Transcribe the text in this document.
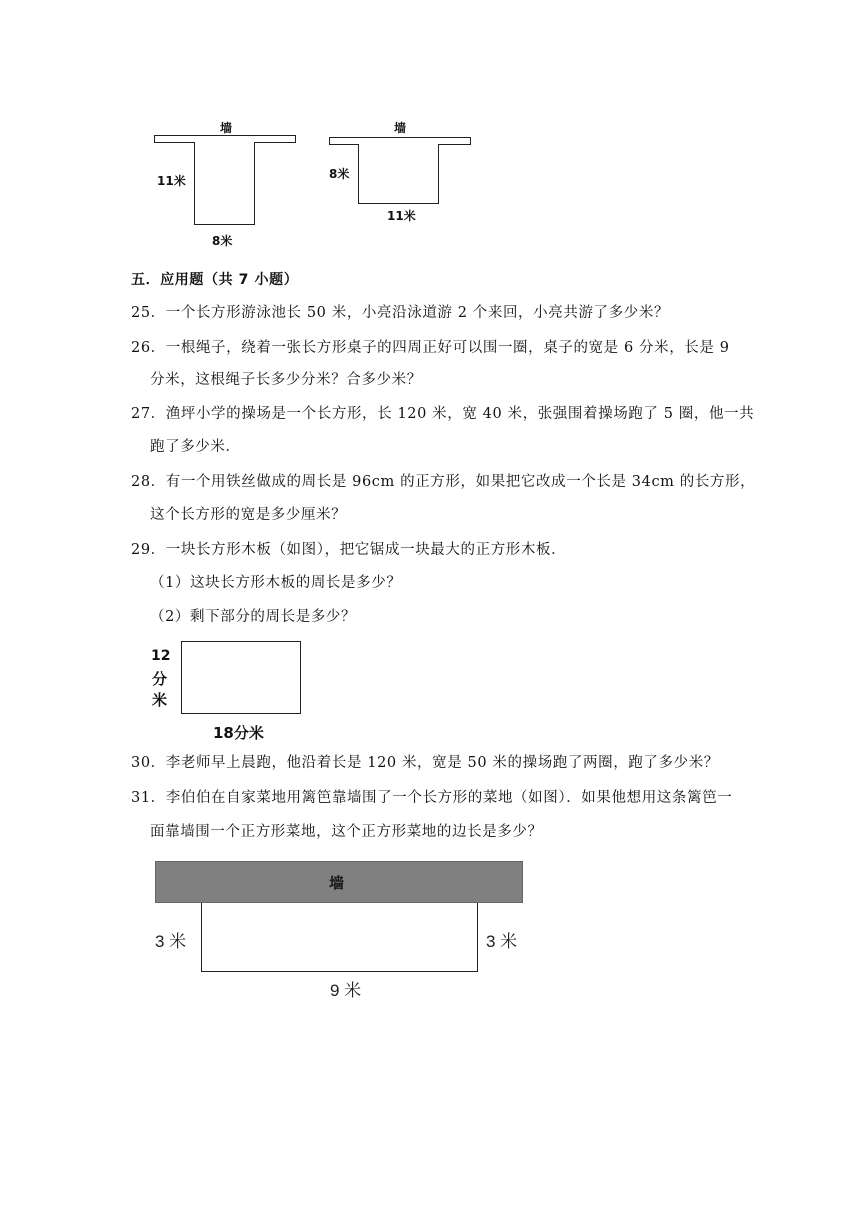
墙
11米
8米
墙
8米
11米
五．应用题（共 7 小题）
25．一个长方形游泳池长 50 米，小亮沿泳道游 2 个来回，小亮共游了多少米？
26．一根绳子，绕着一张长方形桌子的四周正好可以围一圈，桌子的宽是 6 分米，长是 9
分米，这根绳子长多少分米？合多少米？
27．渔坪小学的操场是一个长方形，长 120 米，宽 40 米，张强围着操场跑了 5 圈，他一共
跑了多少米．
28．有一个用铁丝做成的周长是 96cm 的正方形，如果把它改成一个长是 34cm 的长方形，
这个长方形的宽是多少厘米？
29．一块长方形木板（如图），把它锯成一块最大的正方形木板．
（1）这块长方形木板的周长是多少？
（2）剩下部分的周长是多少？
12
分
米
18分米
30．李老师早上晨跑，他沿着长是 120 米，宽是 50 米的操场跑了两圈，跑了多少米？
31．李伯伯在自家菜地用篱笆靠墙围了一个长方形的菜地（如图）．如果他想用这条篱笆一
面靠墙围一个正方形菜地，这个正方形菜地的边长是多少？
墙
3 米	3 米
9 米
